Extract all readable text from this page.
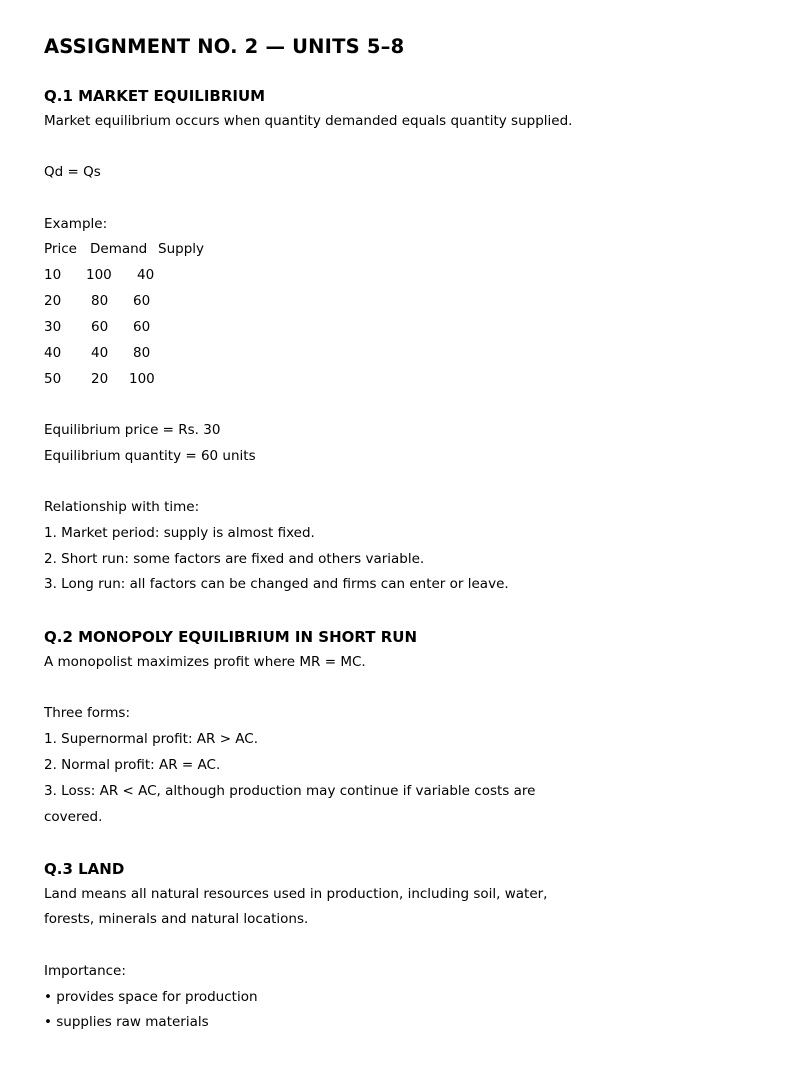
ASSIGNMENT NO. 2 — UNITS 5–8
Q.1 MARKET EQUILIBRIUM

Market equilibrium occurs when quantity demanded equals quantity supplied.

Qd = Qs

Example:

Price Demand Supply
10 100 40
20 80 60
30 60 60
40 40 80
50 20 100

Equilibrium price = Rs. 30

Equilibrium quantity = 60 units

Relationship with time:

1. Market period: supply is almost fixed.

2. Short run: some factors are fixed and others variable.

3. Long run: all factors can be changed and firms can enter or leave.

Q.2 MONOPOLY EQUILIBRIUM IN SHORT RUN

A monopolist maximizes profit where MR = MC.

Three forms:

1. Supernormal profit: AR > AC.

2. Normal profit: AR = AC.

3. Loss: AR < AC, although production may continue if variable costs are

covered.

Q.3 LAND

Land means all natural resources used in production, including soil, water,

forests, minerals and natural locations.

Importance:

• provides space for production

• supplies raw materials
